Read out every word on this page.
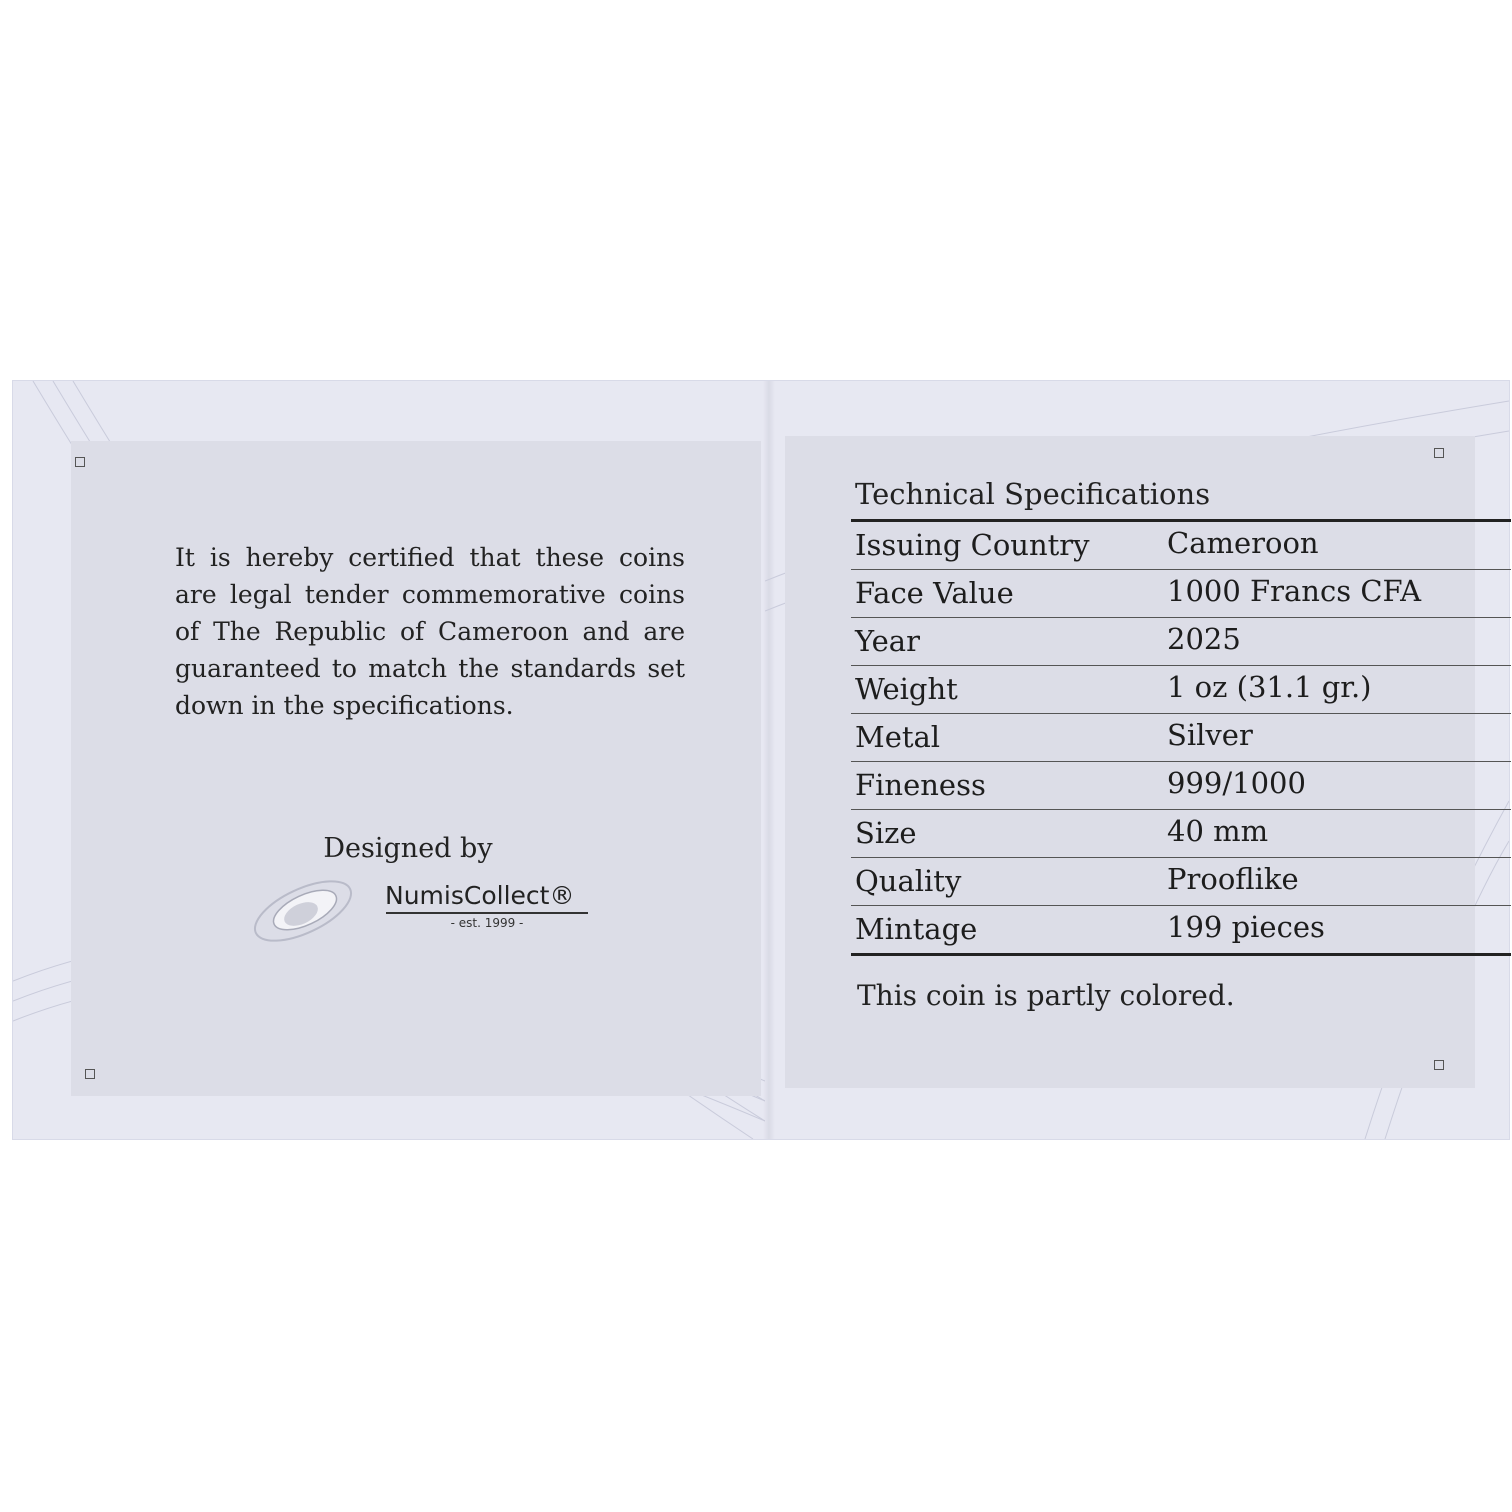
It is hereby certified that these coins are legal tender commemorative coins of The Republic of Cameroon and are guaranteed to match the standards set down in the specifications.
Designed by
NumisCollect®
- est. 1999 -
Technical Specifications
Issuing Country	Cameroon
Face Value	1000 Francs CFA
Year	2025
Weight	1 oz (31.1 gr.)
Metal	Silver
Fineness	999/1000
Size	40 mm
Quality	Prooflike
Mintage	199 pieces
This coin is partly colored.
